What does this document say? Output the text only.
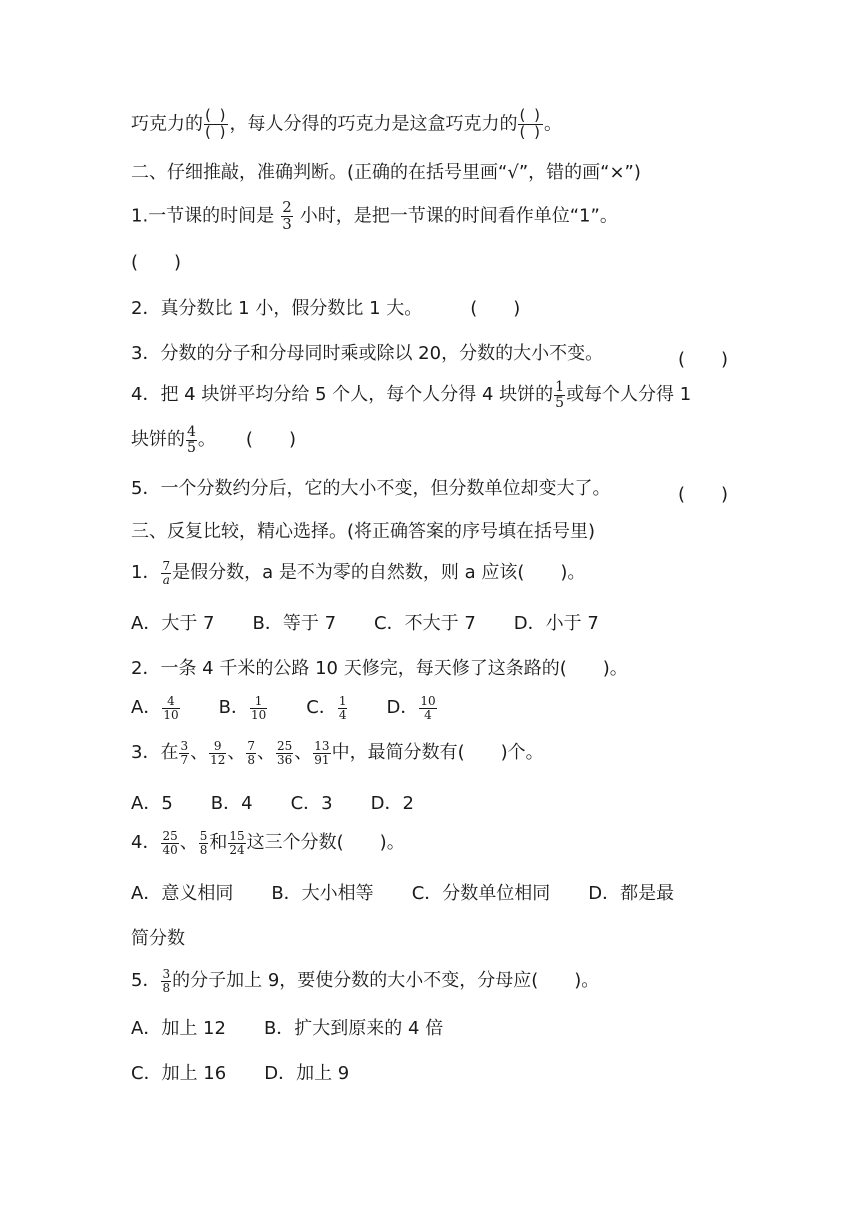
巧克力的 $\frac{( )}{( )}$ ，每人分得的巧克力是这盒巧克力的 $\frac{( )}{( )}$ 。
二、仔细推敲，准确判断。(正确的在括号里画“√”，错的画“×”)
1.一节课的时间是 $\frac{2}{3}$ 小时，是把一节课的时间看作单位“1”。
(　　)
2．真分数比 1 小，假分数比 1 大。	(　　)
3．分数的分子和分母同时乘或除以 20，分数的大小不变。	(　　)
4．把 4 块饼平均分给 5 个人，每个人分得 4 块饼的 $\frac{1}{5}$ 或每个人分得 1
块饼的 $\frac{4}{5}$ 。 (　　)
5．一个分数约分后，它的大小不变，但分数单位却变大了。	(　　)
三、反复比较，精心选择。(将正确答案的序号填在括号里)
1． $\frac{7}{a}$ 是假分数，a 是不为零的自然数，则 a 应该(　　)。
A．大于 7 B．等于 7 C．不大于 7 D．小于 7
2．一条 4 千米的公路 10 天修完，每天修了这条路的(　　)。
A． $\frac{4}{10}$ B． $\frac{1}{10}$ C． $\frac{1}{4}$ D． $\frac{10}{4}$
3．在 $\frac{3}{7}$ 、 $\frac{9}{12}$ 、 $\frac{7}{8}$ 、 $\frac{25}{36}$ 、 $\frac{13}{91}$ 中，最简分数有(　　)个。
A．5 B．4 C．3 D．2
4． $\frac{25}{40}$ 、 $\frac{5}{8}$ 和 $\frac{15}{24}$ 这三个分数(　　)。
A．意义相同 B．大小相等 C．分数单位相同 D．都是最
简分数
5． $\frac{3}{8}$ 的分子加上 9，要使分数的大小不变，分母应(　　)。
A．加上 12 B．扩大到原来的 4 倍
C．加上 16 D．加上 9
